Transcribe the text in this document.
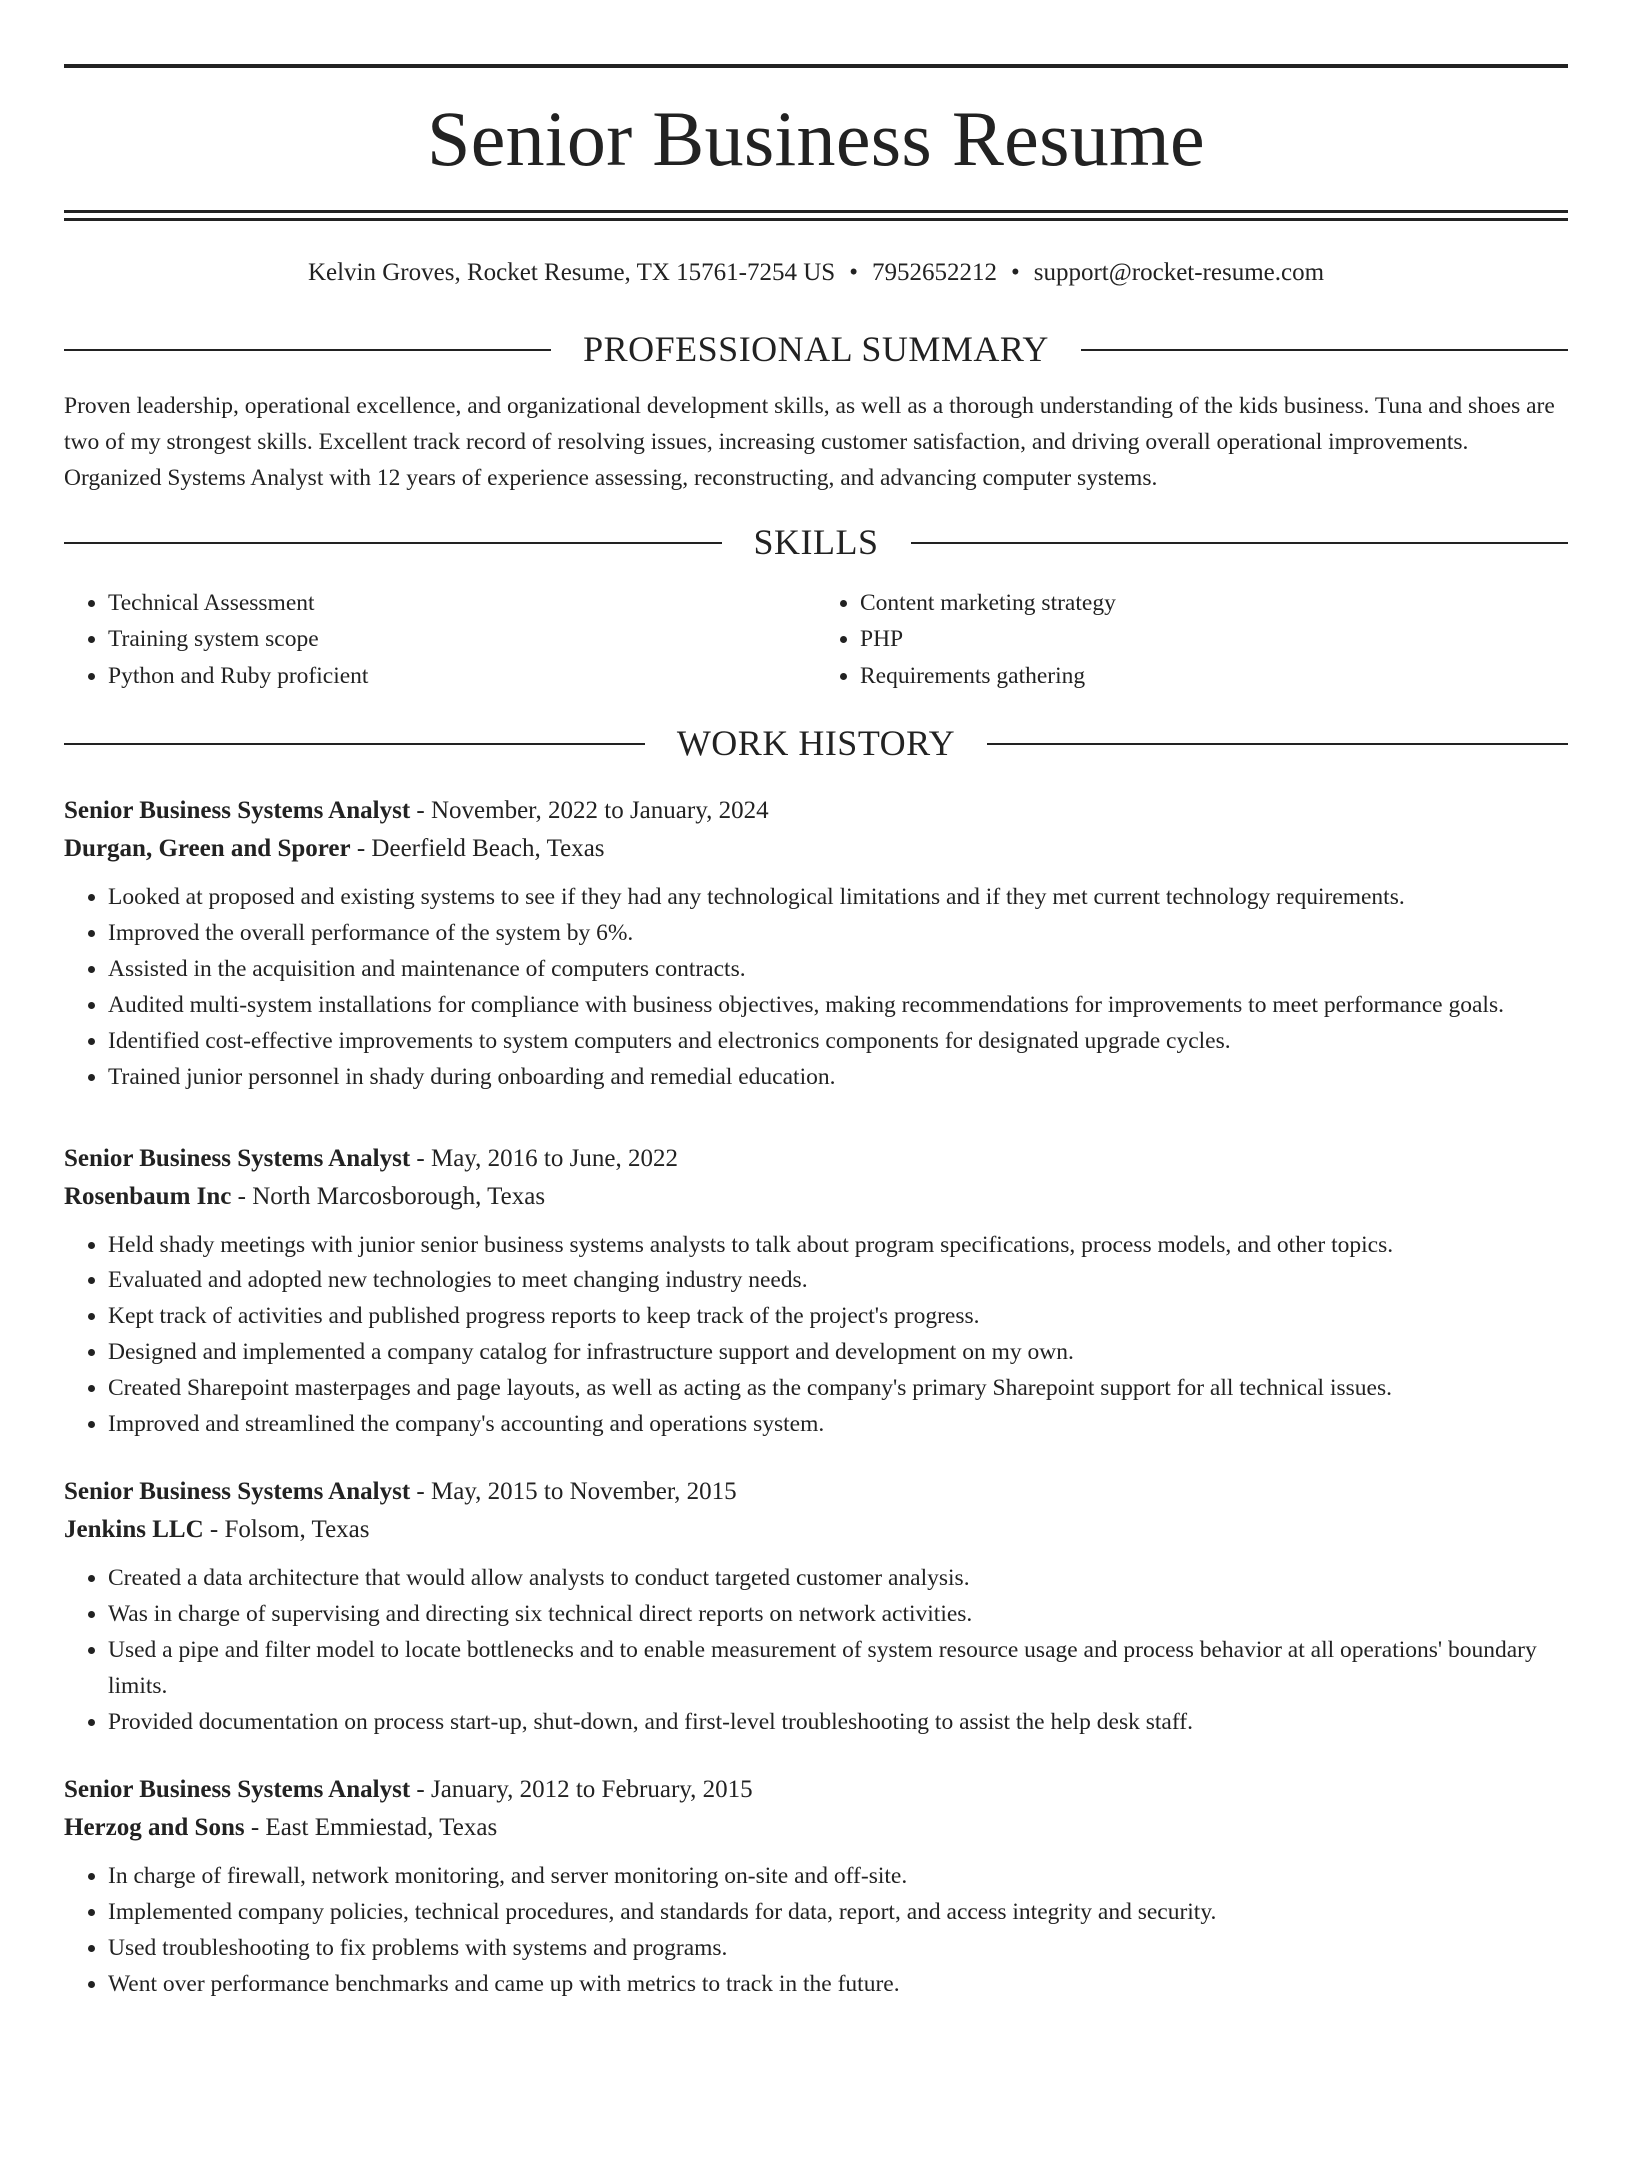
Senior Business Resume
Kelvin Groves, Rocket Resume, TX 15761-7254 US • 7952652212 • support@rocket-resume.com
PROFESSIONAL SUMMARY
Proven leadership, operational excellence, and organizational development skills, as well as a thorough understanding of the kids business. Tuna and shoes are two of my strongest skills. Excellent track record of resolving issues, increasing customer satisfaction, and driving overall operational improvements. Organized Systems Analyst with 12 years of experience assessing, reconstructing, and advancing computer systems.
SKILLS
• Technical Assessment
• Training system scope
• Python and Ruby proficient
• Content marketing strategy
• PHP
• Requirements gathering
WORK HISTORY
Senior Business Systems Analyst - November, 2022 to January, 2024
Durgan, Green and Sporer - Deerfield Beach, Texas
• Looked at proposed and existing systems to see if they had any technological limitations and if they met current technology requirements.
• Improved the overall performance of the system by 6%.
• Assisted in the acquisition and maintenance of computers contracts.
• Audited multi-system installations for compliance with business objectives, making recommendations for improvements to meet performance goals.
• Identified cost-effective improvements to system computers and electronics components for designated upgrade cycles.
• Trained junior personnel in shady during onboarding and remedial education.
Senior Business Systems Analyst - May, 2016 to June, 2022
Rosenbaum Inc - North Marcosborough, Texas
• Held shady meetings with junior senior business systems analysts to talk about program specifications, process models, and other topics.
• Evaluated and adopted new technologies to meet changing industry needs.
• Kept track of activities and published progress reports to keep track of the project's progress.
• Designed and implemented a company catalog for infrastructure support and development on my own.
• Created Sharepoint masterpages and page layouts, as well as acting as the company's primary Sharepoint support for all technical issues.
• Improved and streamlined the company's accounting and operations system.
Senior Business Systems Analyst - May, 2015 to November, 2015
Jenkins LLC - Folsom, Texas
• Created a data architecture that would allow analysts to conduct targeted customer analysis.
• Was in charge of supervising and directing six technical direct reports on network activities.
• Used a pipe and filter model to locate bottlenecks and to enable measurement of system resource usage and process behavior at all operations' boundary limits.
• Provided documentation on process start-up, shut-down, and first-level troubleshooting to assist the help desk staff.
Senior Business Systems Analyst - January, 2012 to February, 2015
Herzog and Sons - East Emmiestad, Texas
• In charge of firewall, network monitoring, and server monitoring on-site and off-site.
• Implemented company policies, technical procedures, and standards for data, report, and access integrity and security.
• Used troubleshooting to fix problems with systems and programs.
• Went over performance benchmarks and came up with metrics to track in the future.
